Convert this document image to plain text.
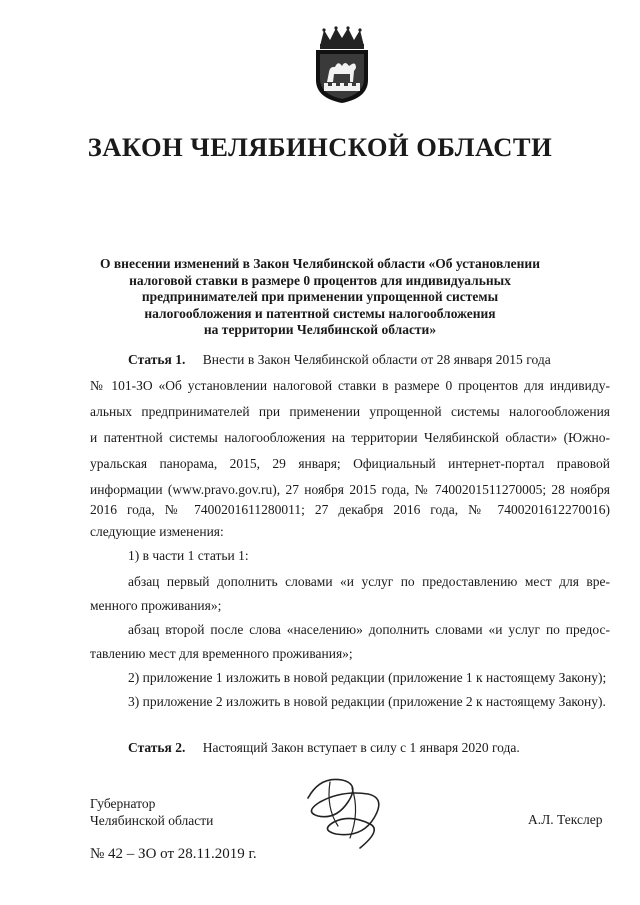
ЗАКОН ЧЕЛЯБИНСКОЙ ОБЛАСТИ
О внесении изменений в Закон Челябинской области «Об установлении
налоговой ставки в размере 0 процентов для индивидуальных
предпринимателей при применении упрощенной системы
налогообложения и патентной системы налогообложения
на территории Челябинской области»
Статья 1. Внести в Закон Челябинской области от 28 января 2015 года
№ 101-ЗО «Об установлении налоговой ставки в размере 0 процентов для индивиду-
альных предпринимателей при применении упрощенной системы налогообложения
и патентной системы налогообложения на территории Челябинской области» (Южно-
уральская панорама, 2015, 29 января; Официальный интернет-портал правовой
информации (www.pravo.gov.ru), 27 ноября 2015 года, № 7400201511270005; 28 ноября
2016 года, № 7400201611280011; 27 декабря 2016 года, № 7400201612270016)
следующие изменения:
1) в части 1 статьи 1:
абзац первый дополнить словами «и услуг по предоставлению мест для вре-
менного проживания»;
абзац второй после слова «населению» дополнить словами «и услуг по предос-
тавлению мест для временного проживания»;
2) приложение 1 изложить в новой редакции (приложение 1 к настоящему Закону);
3) приложение 2 изложить в новой редакции (приложение 2 к настоящему Закону).
Статья 2. Настоящий Закон вступает в силу с 1 января 2020 года.
Губернатор
Челябинской области	А.Л. Текслер
№ 42 – ЗО от 28.11.2019 г.
